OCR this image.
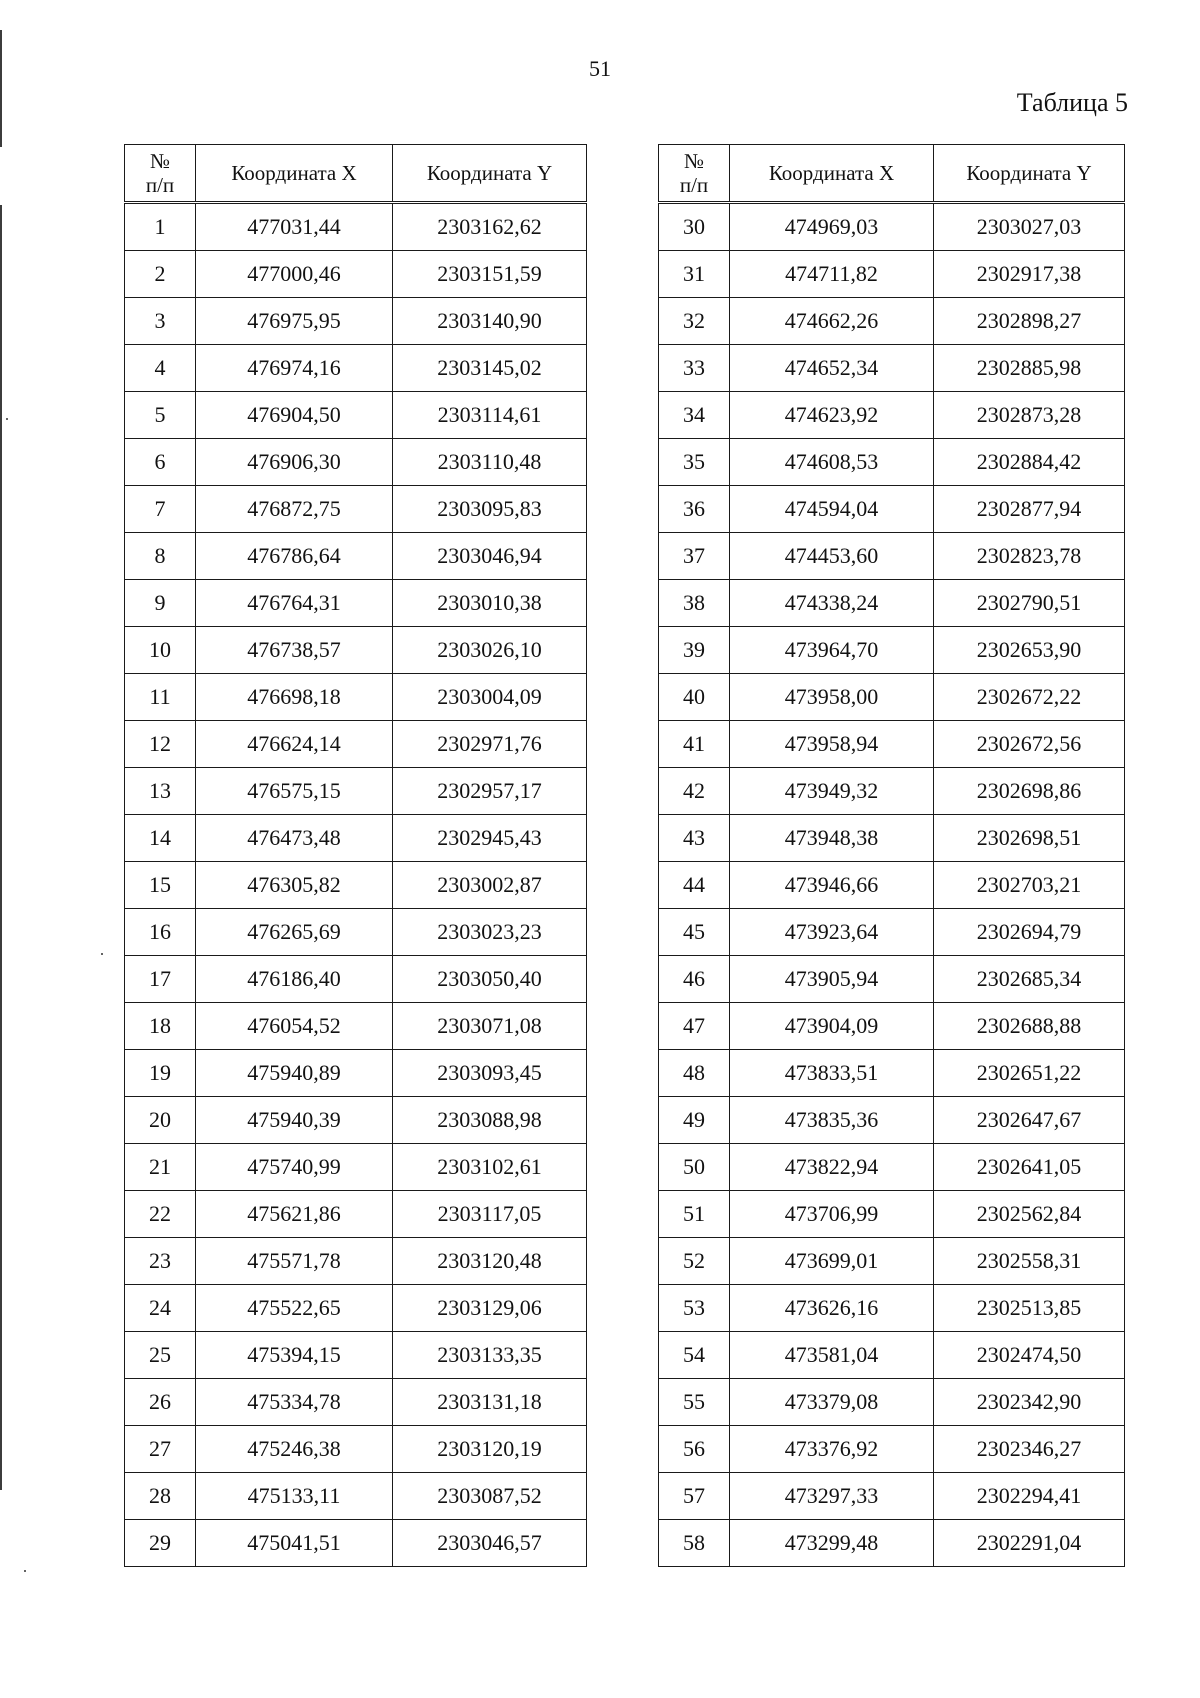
51
Таблица 5
№
п/п	Координата X	Координата Y
1	477031,44	2303162,62
2	477000,46	2303151,59
3	476975,95	2303140,90
4	476974,16	2303145,02
5	476904,50	2303114,61
6	476906,30	2303110,48
7	476872,75	2303095,83
8	476786,64	2303046,94
9	476764,31	2303010,38
10	476738,57	2303026,10
11	476698,18	2303004,09
12	476624,14	2302971,76
13	476575,15	2302957,17
14	476473,48	2302945,43
15	476305,82	2303002,87
16	476265,69	2303023,23
17	476186,40	2303050,40
18	476054,52	2303071,08
19	475940,89	2303093,45
20	475940,39	2303088,98
21	475740,99	2303102,61
22	475621,86	2303117,05
23	475571,78	2303120,48
24	475522,65	2303129,06
25	475394,15	2303133,35
26	475334,78	2303131,18
27	475246,38	2303120,19
28	475133,11	2303087,52
29	475041,51	2303046,57
№
п/п	Координата X	Координата Y
30	474969,03	2303027,03
31	474711,82	2302917,38
32	474662,26	2302898,27
33	474652,34	2302885,98
34	474623,92	2302873,28
35	474608,53	2302884,42
36	474594,04	2302877,94
37	474453,60	2302823,78
38	474338,24	2302790,51
39	473964,70	2302653,90
40	473958,00	2302672,22
41	473958,94	2302672,56
42	473949,32	2302698,86
43	473948,38	2302698,51
44	473946,66	2302703,21
45	473923,64	2302694,79
46	473905,94	2302685,34
47	473904,09	2302688,88
48	473833,51	2302651,22
49	473835,36	2302647,67
50	473822,94	2302641,05
51	473706,99	2302562,84
52	473699,01	2302558,31
53	473626,16	2302513,85
54	473581,04	2302474,50
55	473379,08	2302342,90
56	473376,92	2302346,27
57	473297,33	2302294,41
58	473299,48	2302291,04
